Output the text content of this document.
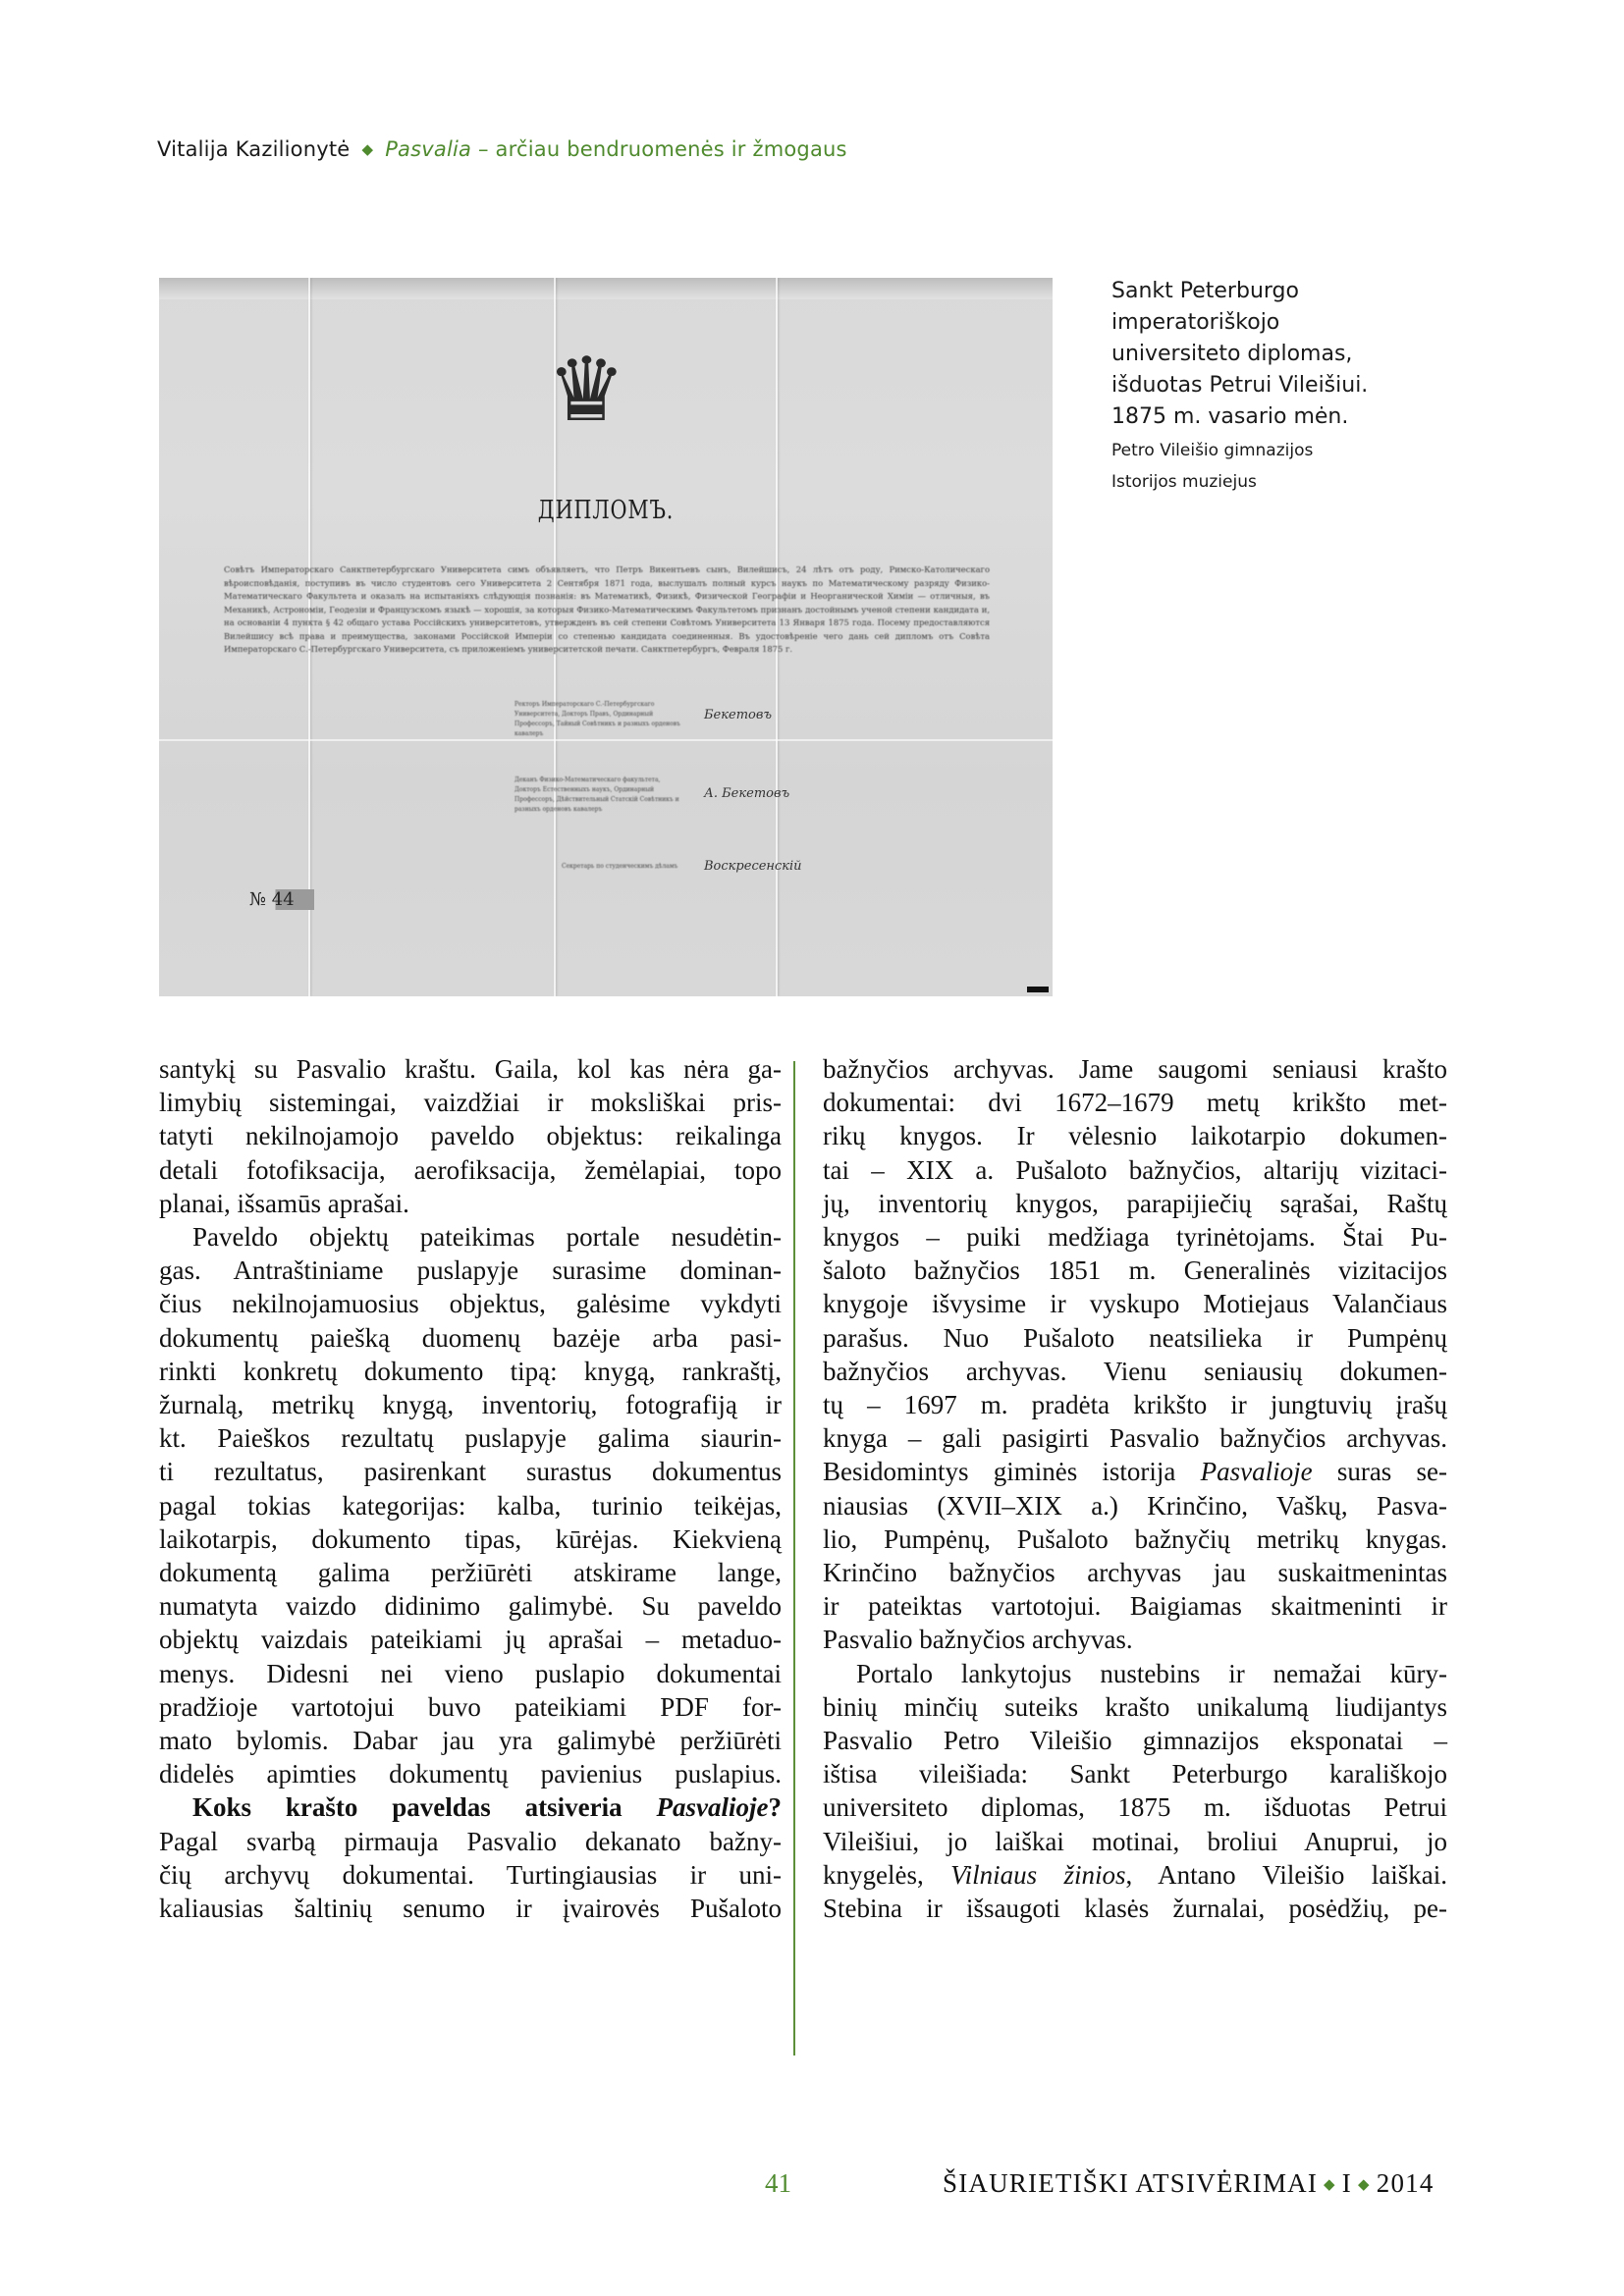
Vitalija Kazilionytė ◆ Pasvalia – arčiau bendruomenės ir žmogaus
♛
ДИПЛОМЪ.
Совѣтъ Императорскаго Санктпетербургскаго Университета симъ объявляетъ, что Петръ Викентьевъ сынъ, Вилейшисъ, 24 лѣтъ отъ роду, Римско-Католическаго вѣроисповѣданія, поступивъ въ число студентовъ сего Университета 2 Сентября 1871 года, выслушалъ полный курсъ наукъ по Математическому разряду Физико-Математическаго Факультета и оказалъ на испытаніяхъ слѣдующія познанія: въ Математикѣ, Физикѣ, Физической Географіи и Неорганической Химіи — отличныя, въ Механикѣ, Астрономіи, Геодезіи и Французскомъ языкѣ — хорошія, за которыя Физико-Математическимъ Факультетомъ признанъ достойнымъ ученой степени кандидата и, на основаніи 4 пункта § 42 общаго устава Россійскихъ университетовъ, утвержденъ въ сей степени Совѣтомъ Университета 13 Января 1875 года. Посему предоставляются Вилейшису всѣ права и преимущества, законами Россійской Имперіи со степенью кандидата соединенныя. Въ удостовѣреніе чего дань сей дипломъ отъ Совѣта Императорскаго С.-Петербургскаго Университета, съ приложеніемъ университетской печати. Санктпетербургъ, Февраля 1875 г.
Ректоръ Императорскаго С.-Петербургскаго Университета, Докторъ Правъ, Ординарный Профессоръ, Тайный Совѣтникъ и разныхъ орденовъ кавалеръ
Бекетовъ
Деканъ Физико-Математическаго факультета, Докторъ Естественныхъ наукъ, Ординарный Профессоръ, Дѣйствительный Статскій Совѣтникъ и разныхъ орденовъ кавалеръ
А. Бекетовъ
Секретарь по студенческимъ дѣламъ	Воскресенскій
№ 44
Sankt Peterburgo
imperatoriškojo
universiteto diplomas,
išduotas Petrui Vileišiui.
1875 m. vasario mėn.
Petro Vileišio gimnazijos
Istorijos muziejus

santykį su Pasvalio kraštu. Gaila, kol kas nėra ga-
limybių sistemingai, vaizdžiai ir moksliškai pris-
tatyti nekilnojamojo paveldo objektus: reikalinga
detali fotofiksacija, aerofiksacija, žemėlapiai, topo
planai, išsamūs aprašai.

Paveldo objektų pateikimas portale nesudėtin-
gas. Antraštiniame puslapyje surasime dominan-
čius nekilnojamuosius objektus, galėsime vykdyti
dokumentų paiešką duomenų bazėje arba pasi-
rinkti konkretų dokumento tipą: knygą, rankraštį,
žurnalą, metrikų knygą, inventorių, fotografiją ir
kt. Paieškos rezultatų puslapyje galima siaurin-
ti rezultatus, pasirenkant surastus dokumentus
pagal tokias kategorijas: kalba, turinio teikėjas,
laikotarpis, dokumento tipas, kūrėjas. Kiekvieną
dokumentą galima peržiūrėti atskirame lange,
numatyta vaizdo didinimo galimybė. Su paveldo
objektų vaizdais pateikiami jų aprašai – metaduo-
menys. Didesni nei vieno puslapio dokumentai
pradžioje vartotojui buvo pateikiami PDF for-
mato bylomis. Dabar jau yra galimybė peržiūrėti
didelės apimties dokumentų pavienius puslapius.

Koks krašto paveldas atsiveria Pasvalioje?
Pagal svarbą pirmauja Pasvalio dekanato bažny-
čių archyvų dokumentai. Turtingiausias ir uni-
kaliausias šaltinių senumo ir įvairovės Pušaloto

bažnyčios archyvas. Jame saugomi seniausi krašto
dokumentai: dvi 1672–1679 metų krikšto met-
rikų knygos. Ir vėlesnio laikotarpio dokumen-
tai – XIX a. Pušaloto bažnyčios, altarijų vizitaci-
jų, inventorių knygos, parapijiečių sąrašai, Raštų
knygos – puiki medžiaga tyrinėtojams. Štai Pu-
šaloto bažnyčios 1851 m. Generalinės vizitacijos
knygoje išvysime ir vyskupo Motiejaus Valančiaus
parašus. Nuo Pušaloto neatsilieka ir Pumpėnų
bažnyčios archyvas. Vienu seniausių dokumen-
tų – 1697 m. pradėta krikšto ir jungtuvių įrašų
knyga – gali pasigirti Pasvalio bažnyčios archyvas.
Besidomintys giminės istorija Pasvalioje suras se-
niausias (XVII–XIX a.) Krinčino, Vaškų, Pasva-
lio, Pumpėnų, Pušaloto bažnyčių metrikų knygas.
Krinčino bažnyčios archyvas jau suskaitmenintas
ir pateiktas vartotojui. Baigiamas skaitmeninti ir
Pasvalio bažnyčios archyvas.

Portalo lankytojus nustebins ir nemažai kūry-
binių minčių suteiks krašto unikalumą liudijantys
Pasvalio Petro Vileišio gimnazijos eksponatai –
ištisa vileišiada: Sankt Peterburgo karališkojo
universiteto diplomas, 1875 m. išduotas Petrui
Vileišiui, jo laiškai motinai, broliui Anuprui, jo
knygelės, Vilniaus žinios, Antano Vileišio laiškai.
Stebina ir išsaugoti klasės žurnalai, posėdžių, pe-

41	ŠIAURIETIŠKI ATSIVĖRIMAI ◆ I ◆ 2014
